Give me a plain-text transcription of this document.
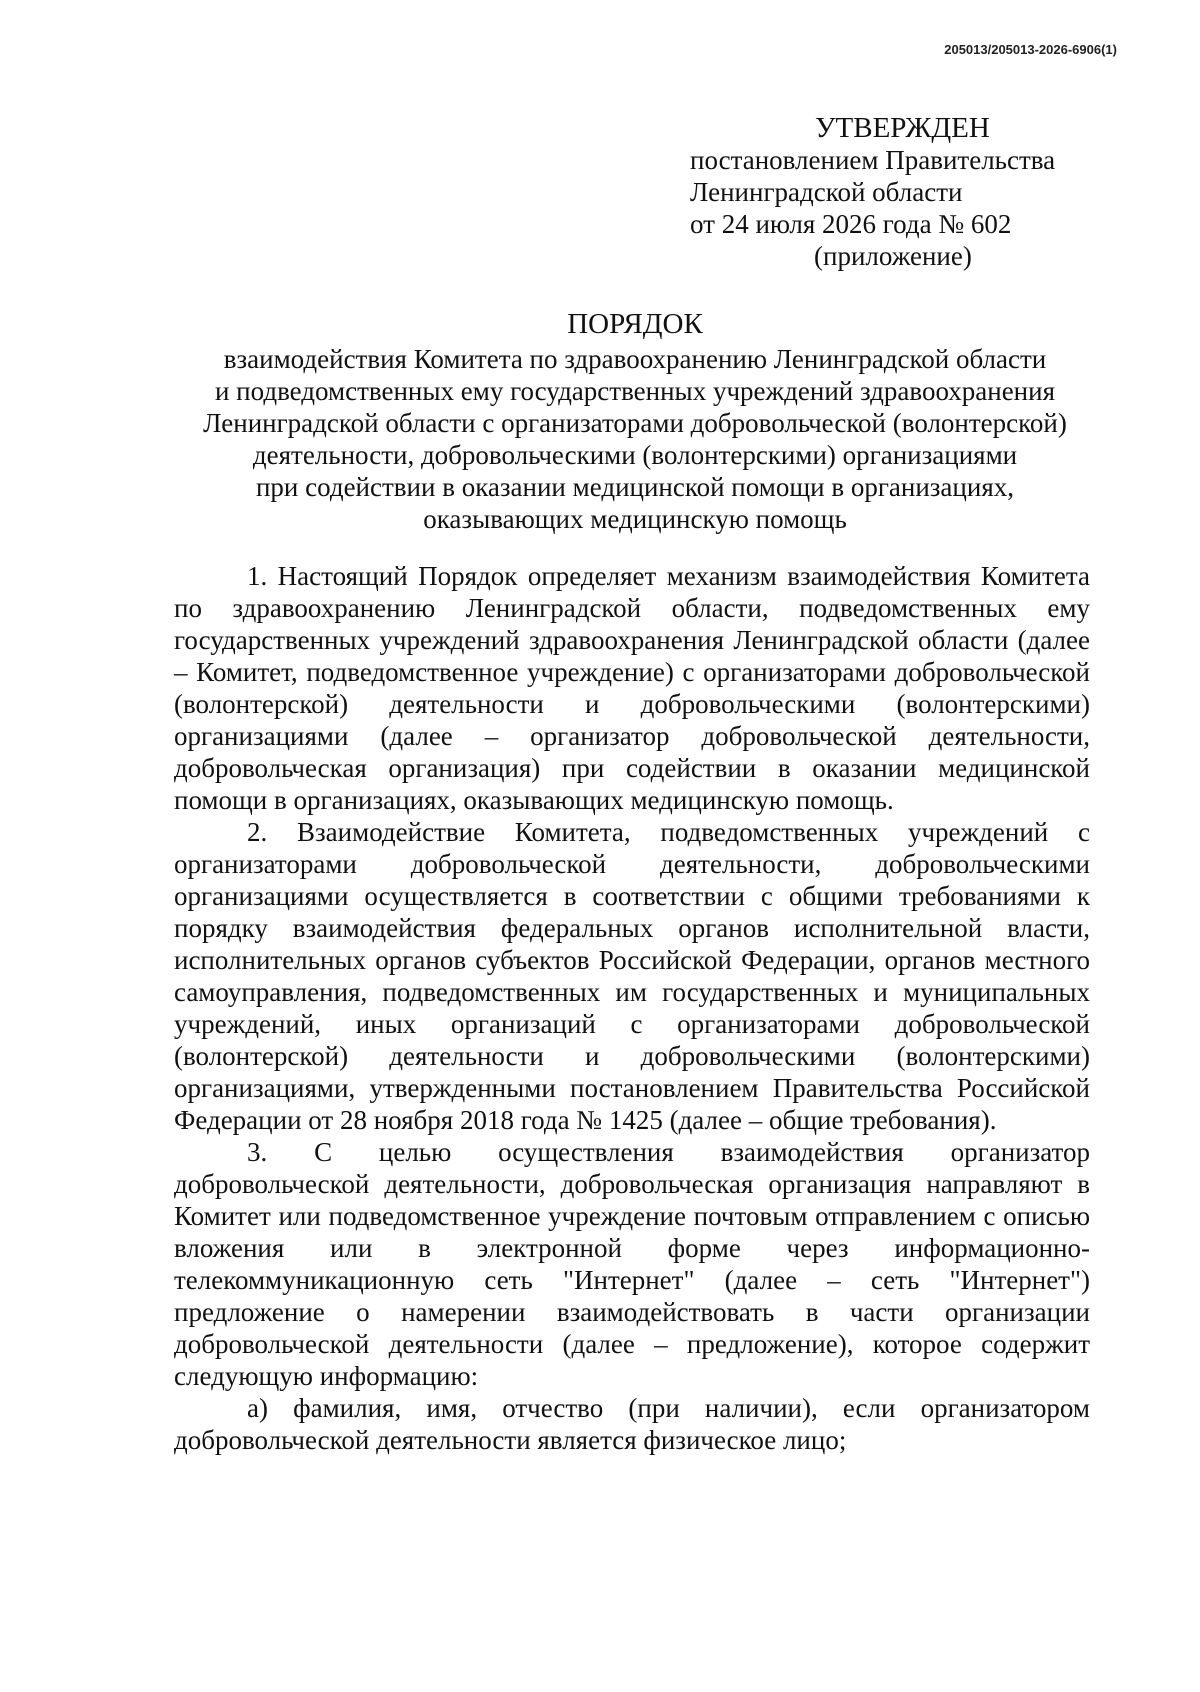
205013/205013-2026-6906(1)
УТВЕРЖДЕН
постановлением Правительства
Ленинградской области
от 24 июля 2026 года № 602
(приложение)
ПОРЯДОК
взаимодействия Комитета по здравоохранению Ленинградской области
и подведомственных ему государственных учреждений здравоохранения
Ленинградской области с организаторами добровольческой (волонтерской)
деятельности, добровольческими (волонтерскими) организациями
при содействии в оказании медицинской помощи в организациях,
оказывающих медицинскую помощь

1. Настоящий Порядок определяет механизм взаимодействия Комитета по здравоохранению Ленинградской области, подведомственных ему государственных учреждений здравоохранения Ленинградской области (далее – Комитет, подведомственное учреждение) с организаторами добровольческой (волонтерской) деятельности и добровольческими (волонтерскими) организациями (далее – организатор добровольческой деятельности, добровольческая организация) при содействии в оказании медицинской помощи в организациях, оказывающих медицинскую помощь.

2. Взаимодействие Комитета, подведомственных учреждений с организаторами добровольческой деятельности, добровольческими организациями осуществляется в соответствии с общими требованиями к порядку взаимодействия федеральных органов исполнительной власти, исполнительных органов субъектов Российской Федерации, органов местного самоуправления, подведомственных им государственных и муниципальных учреждений, иных организаций с организаторами добровольческой (волонтерской) деятельности и добровольческими (волонтерскими) организациями, утвержденными постановлением Правительства Российской Федерации от 28 ноября 2018 года № 1425 (далее – общие требования).

3. С целью осуществления взаимодействия организатор добровольческой деятельности, добровольческая организация направляют в Комитет или подведомственное учреждение почтовым отправлением с описью вложения или в электронной форме через информационно-телекоммуникационную сеть "Интернет" (далее – сеть "Интернет") предложение о намерении взаимодействовать в части организации добровольческой деятельности (далее – предложение), которое содержит следующую информацию:

а) фамилия, имя, отчество (при наличии), если организатором добровольческой деятельности является физическое лицо;
